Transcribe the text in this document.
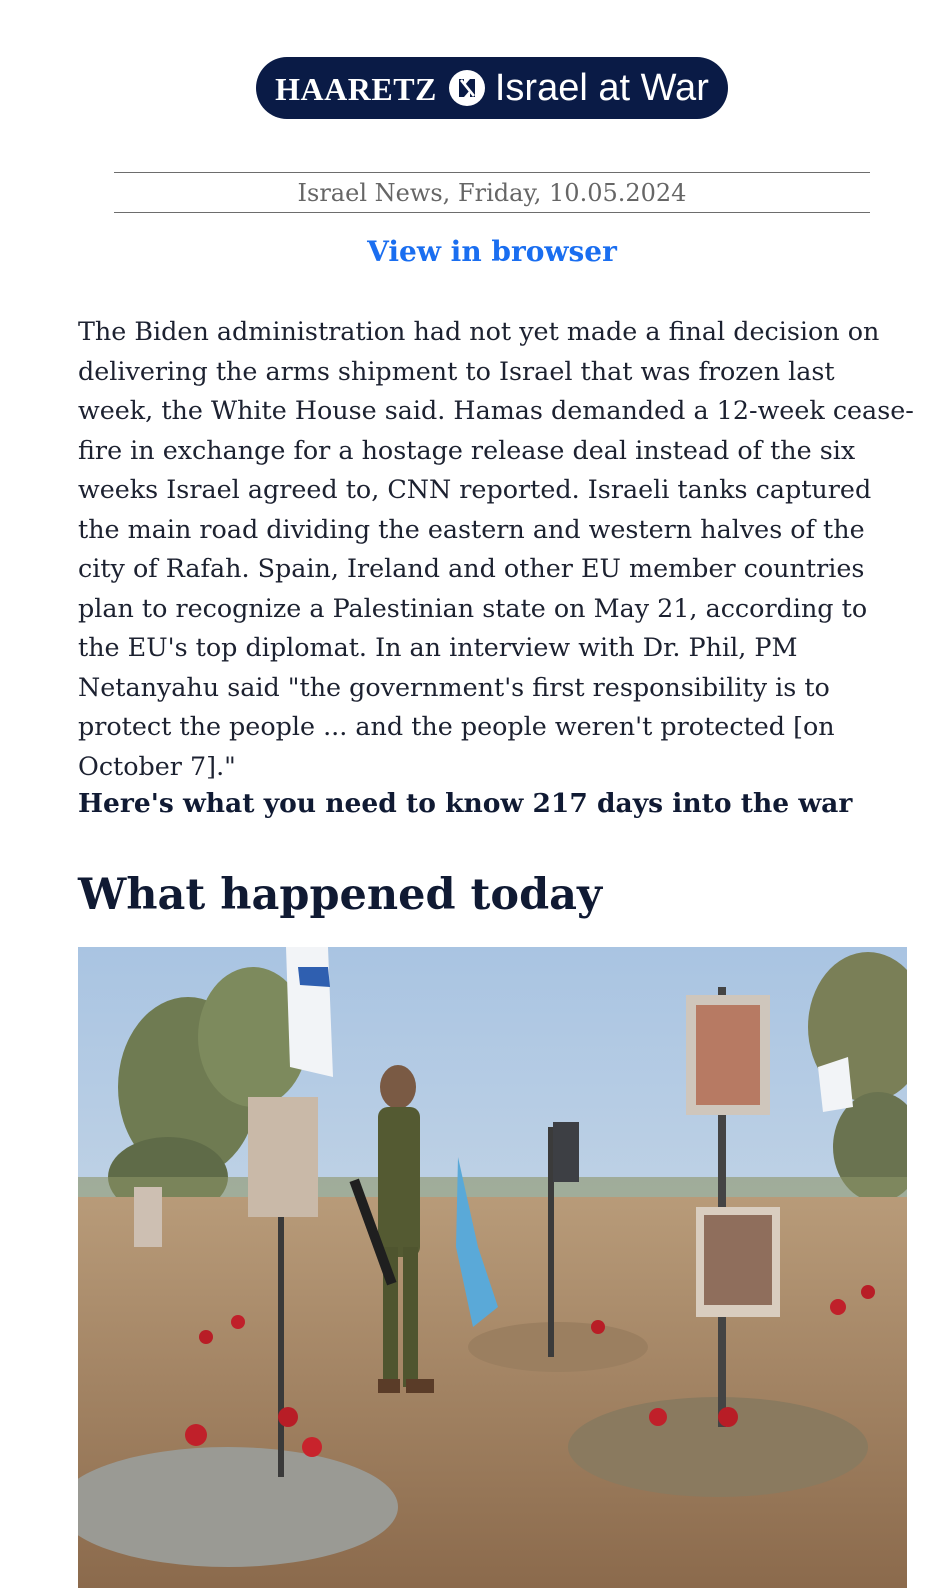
HAARETZ Israel at War
Israel News, Friday, 10.05.2024
View in browser

The Biden administration had not yet made a final decision on delivering the arms shipment to Israel that was frozen last week, the White House said. Hamas demanded a 12-week cease-fire in exchange for a hostage release deal instead of the six weeks Israel agreed to, CNN reported. Israeli tanks captured the main road dividing the eastern and western halves of the city of Rafah. Spain, Ireland and other EU member countries plan to recognize a Palestinian state on May 21, according to the EU's top diplomat. In an interview with Dr. Phil, PM Netanyahu said "the government's first responsibility is to protect the people ... and the people weren't protected [on October 7]."

Here's what you need to know 217 days into the war
What happened today
